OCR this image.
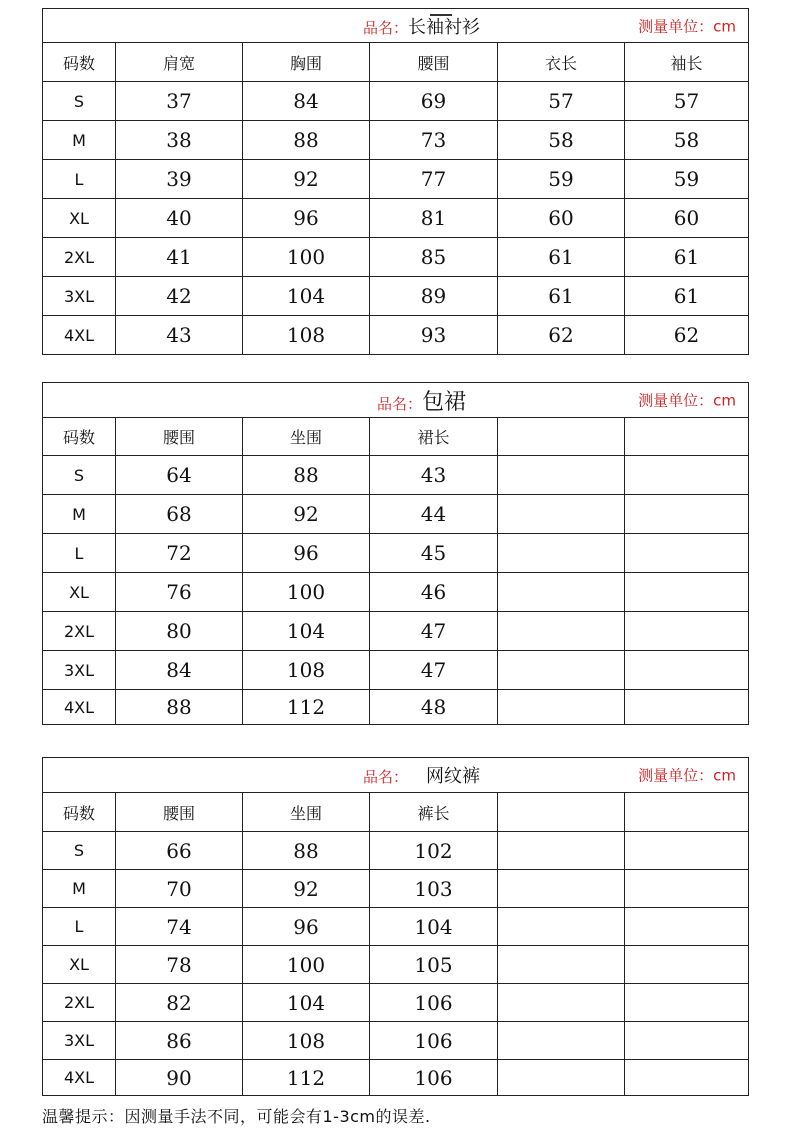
品名：长袖衬衫 测量单位：cm					

码数	肩宽	胸围	腰围	衣长	袖长
S	37	84	69	57	57
M	38	88	73	58	58
L	39	92	77	59	59
XL	40	96	81	60	60
2XL	41	100	85	61	61
3XL	42	104	89	61	61
4XL	43	108	93	62	62
品名：包裙 测量单位：cm					

码数	腰围	坐围	裙长		
S	64	88	43		
M	68	92	44		
L	72	96	45		
XL	76	100	46		
2XL	80	104	47		
3XL	84	108	47		
4XL	88	112	48		
品名： 网纹裤 测量单位：cm					

码数	腰围	坐围	裤长		
S	66	88	102		
M	70	92	103		
L	74	96	104		
XL	78	100	105		
2XL	82	104	106		
3XL	86	108	106		
4XL	90	112	106		
温馨提示：因测量手法不同，可能会有1-3cm的误差.
